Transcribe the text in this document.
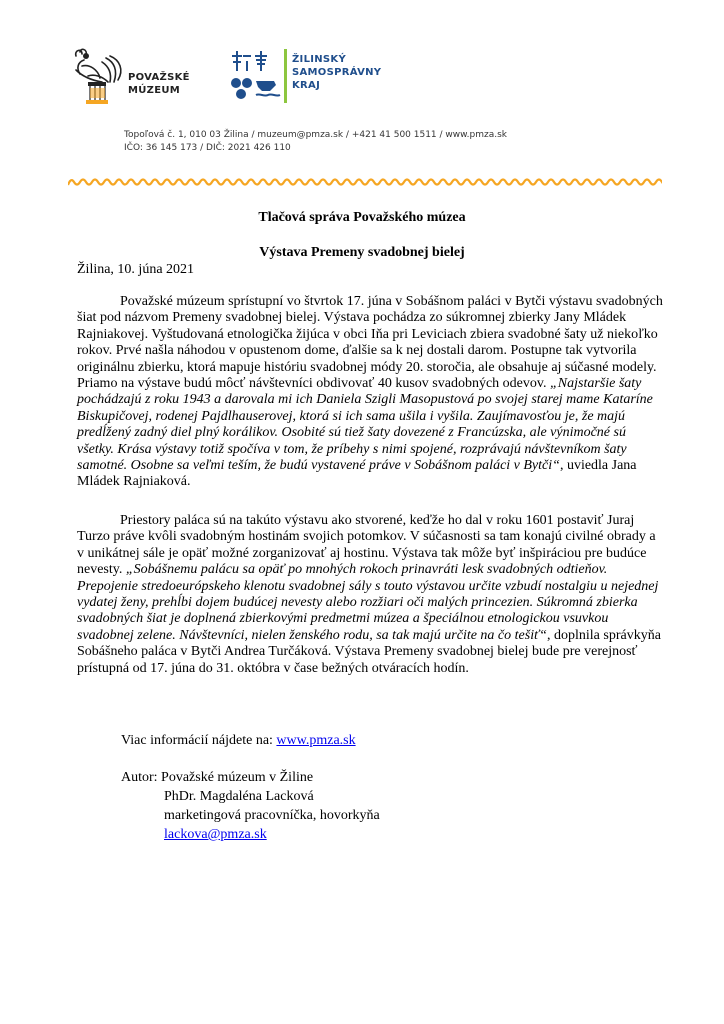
POVAŽSKÉ
MÚZEUM
ŽILINSKÝ
SAMOSPRÁVNY
KRAJ
Topoľová č. 1, 010 03 Žilina / muzeum@pmza.sk / +421 41 500 1511 / www.pmza.sk
IČO: 36 145 173 / DIČ: 2021 426 110
Tlačová správa Považského múzea
Výstava Premeny svadobnej bielej
Žilina, 10. júna 2021
Považské múzeum sprístupní vo štvrtok 17. júna v Sobášnom paláci v Bytči výstavu svadobných šiat pod názvom Premeny svadobnej bielej. Výstava pochádza zo súkromnej zbierky Jany Mládek Rajniakovej. Vyštudovaná etnologička žijúca v obci Iňa pri Leviciach zbiera svadobné šaty už niekoľko rokov. Prvé našla náhodou v opustenom dome, ďalšie sa k nej dostali darom. Postupne tak vytvorila originálnu zbierku, ktorá mapuje históriu svadobnej módy 20. storočia, ale obsahuje aj súčasné modely. Priamo na výstave budú môcť návštevníci obdivovať 40 kusov svadobných odevov. „Najstaršie šaty pochádzajú z roku 1943 a darovala mi ich Daniela Szigli Masopustová po svojej starej mame Kataríne Biskupičovej, rodenej Pajdlhauserovej, ktorá si ich sama ušila i vyšila. Zaujímavosťou je, že majú predĺžený zadný diel plný korálikov. Osobité sú tiež šaty dovezené z Francúzska, ale výnimočné sú všetky. Krása výstavy totiž spočíva v tom, že príbehy s nimi spojené, rozprávajú návštevníkom šaty samotné. Osobne sa veľmi teším, že budú vystavené práve v Sobášnom paláci v Bytči“, uviedla Jana Mládek Rajniaková.
Priestory paláca sú na takúto výstavu ako stvorené, keďže ho dal v roku 1601 postaviť Juraj Turzo práve kvôli svadobným hostinám svojich potomkov. V súčasnosti sa tam konajú civilné obrady a v unikátnej sále je opäť možné zorganizovať aj hostinu. Výstava tak môže byť inšpiráciou pre budúce nevesty. „Sobášnemu palácu sa opäť po mnohých rokoch prinavráti lesk svadobných odtieňov. Prepojenie stredoeurópskeho klenotu svadobnej sály s touto výstavou určite vzbudí nostalgiu u nejednej vydatej ženy, prehĺbi dojem budúcej nevesty alebo rozžiari oči malých princezien. Súkromná zbierka svadobných šiat je doplnená zbierkovými predmetmi múzea a špeciálnou etnologickou vsuvkou svadobnej zelene. Návštevníci, nielen ženského rodu, sa tak majú určite na čo tešiť“, doplnila správkyňa Sobášneho paláca v Bytči Andrea Turčáková. Výstava Premeny svadobnej bielej bude pre verejnosť prístupná od 17. júna do 31. októbra v čase bežných otváracích hodín.
Viac informácií nájdete na: www.pmza.sk
Autor: Považské múzeum v Žiline
PhDr. Magdaléna Lacková
marketingová pracovníčka, hovorkyňa
lackova@pmza.sk
